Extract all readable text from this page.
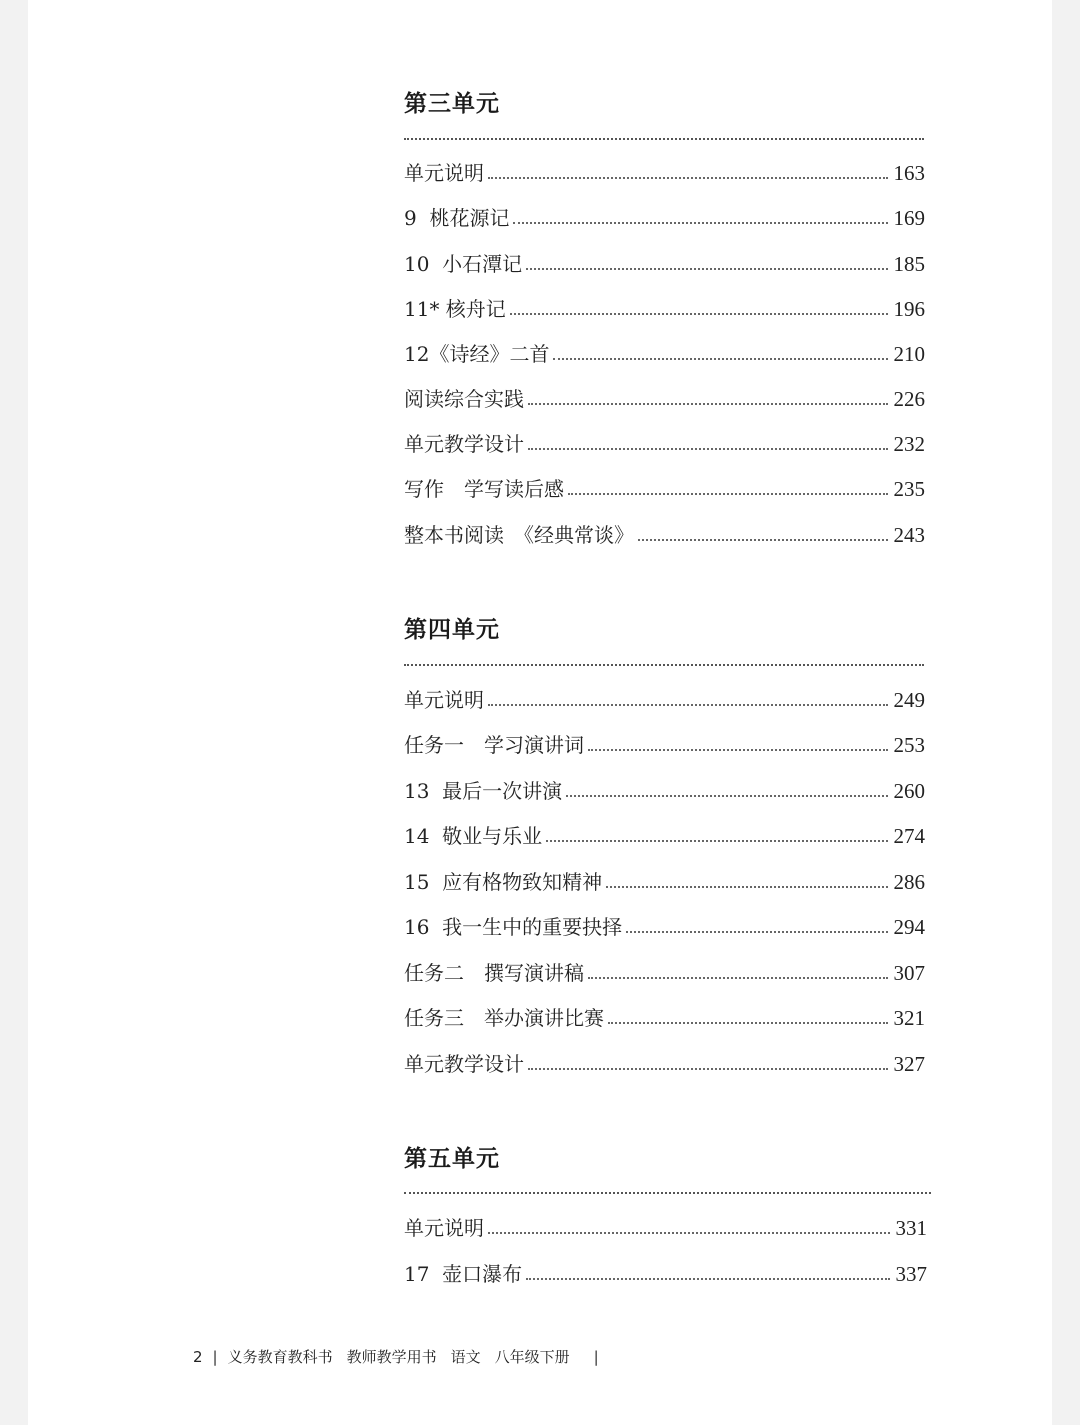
第三单元
单元说明	163
9  桃花源记	169
10  小石潭记	185
11* 核舟记	196
12《诗经》二首	210
阅读综合实践	226
单元教学设计	232
写作　学写读后感	235
整本书阅读　《经典常谈》	243
第四单元
单元说明	249
任务一　学习演讲词	253
13  最后一次讲演	260
14  敬业与乐业	274
15  应有格物致知精神	286
16  我一生中的重要抉择	294
任务二　撰写演讲稿	307
任务三　举办演讲比赛	321
单元教学设计	327
第五单元
单元说明	331
17  壶口瀑布	337
2 | 义务教育教科书 教师教学用书 语文 八年级下册 |
